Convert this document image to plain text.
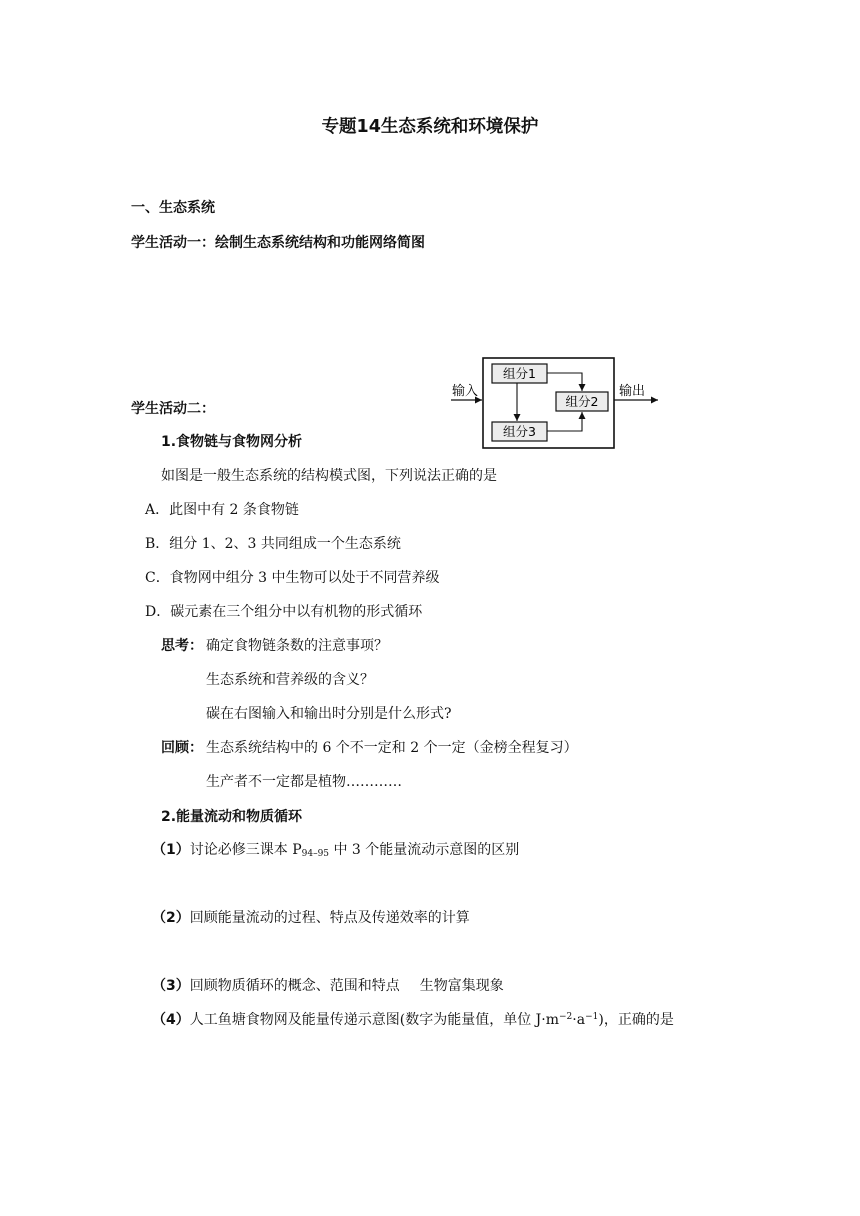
专题14生态系统和环境保护
一、生态系统
学生活动一：绘制生态系统结构和功能网络简图
输入	输出
组分1
组分2
组分3
学生活动二：
1.食物链与食物网分析
如图是一般生态系统的结构模式图，下列说法正确的是
A．此图中有 2 条食物链
B．组分 1、2、3 共同组成一个生态系统
C．食物网中组分 3 中生物可以处于不同营养级
D．碳元素在三个组分中以有机物的形式循环
思考： 确定食物链条数的注意事项？
生态系统和营养级的含义？
碳在右图输入和输出时分别是什么形式?
回顾： 生态系统结构中的 6 个不一定和 2 个一定（金榜全程复习）
生产者不一定都是植物…………
2.能量流动和物质循环
（1）讨论必修三课本 $P_{94-95}$ 中 3 个能量流动示意图的区别
（2）回顾能量流动的过程、特点及传递效率的计算
（3）回顾物质循环的概念、范围和特点 生物富集现象
（4）人工鱼塘食物网及能量传递示意图(数字为能量值，单位 $J\cdot m^{-2}\cdot a^{-1}$)，正确的是
